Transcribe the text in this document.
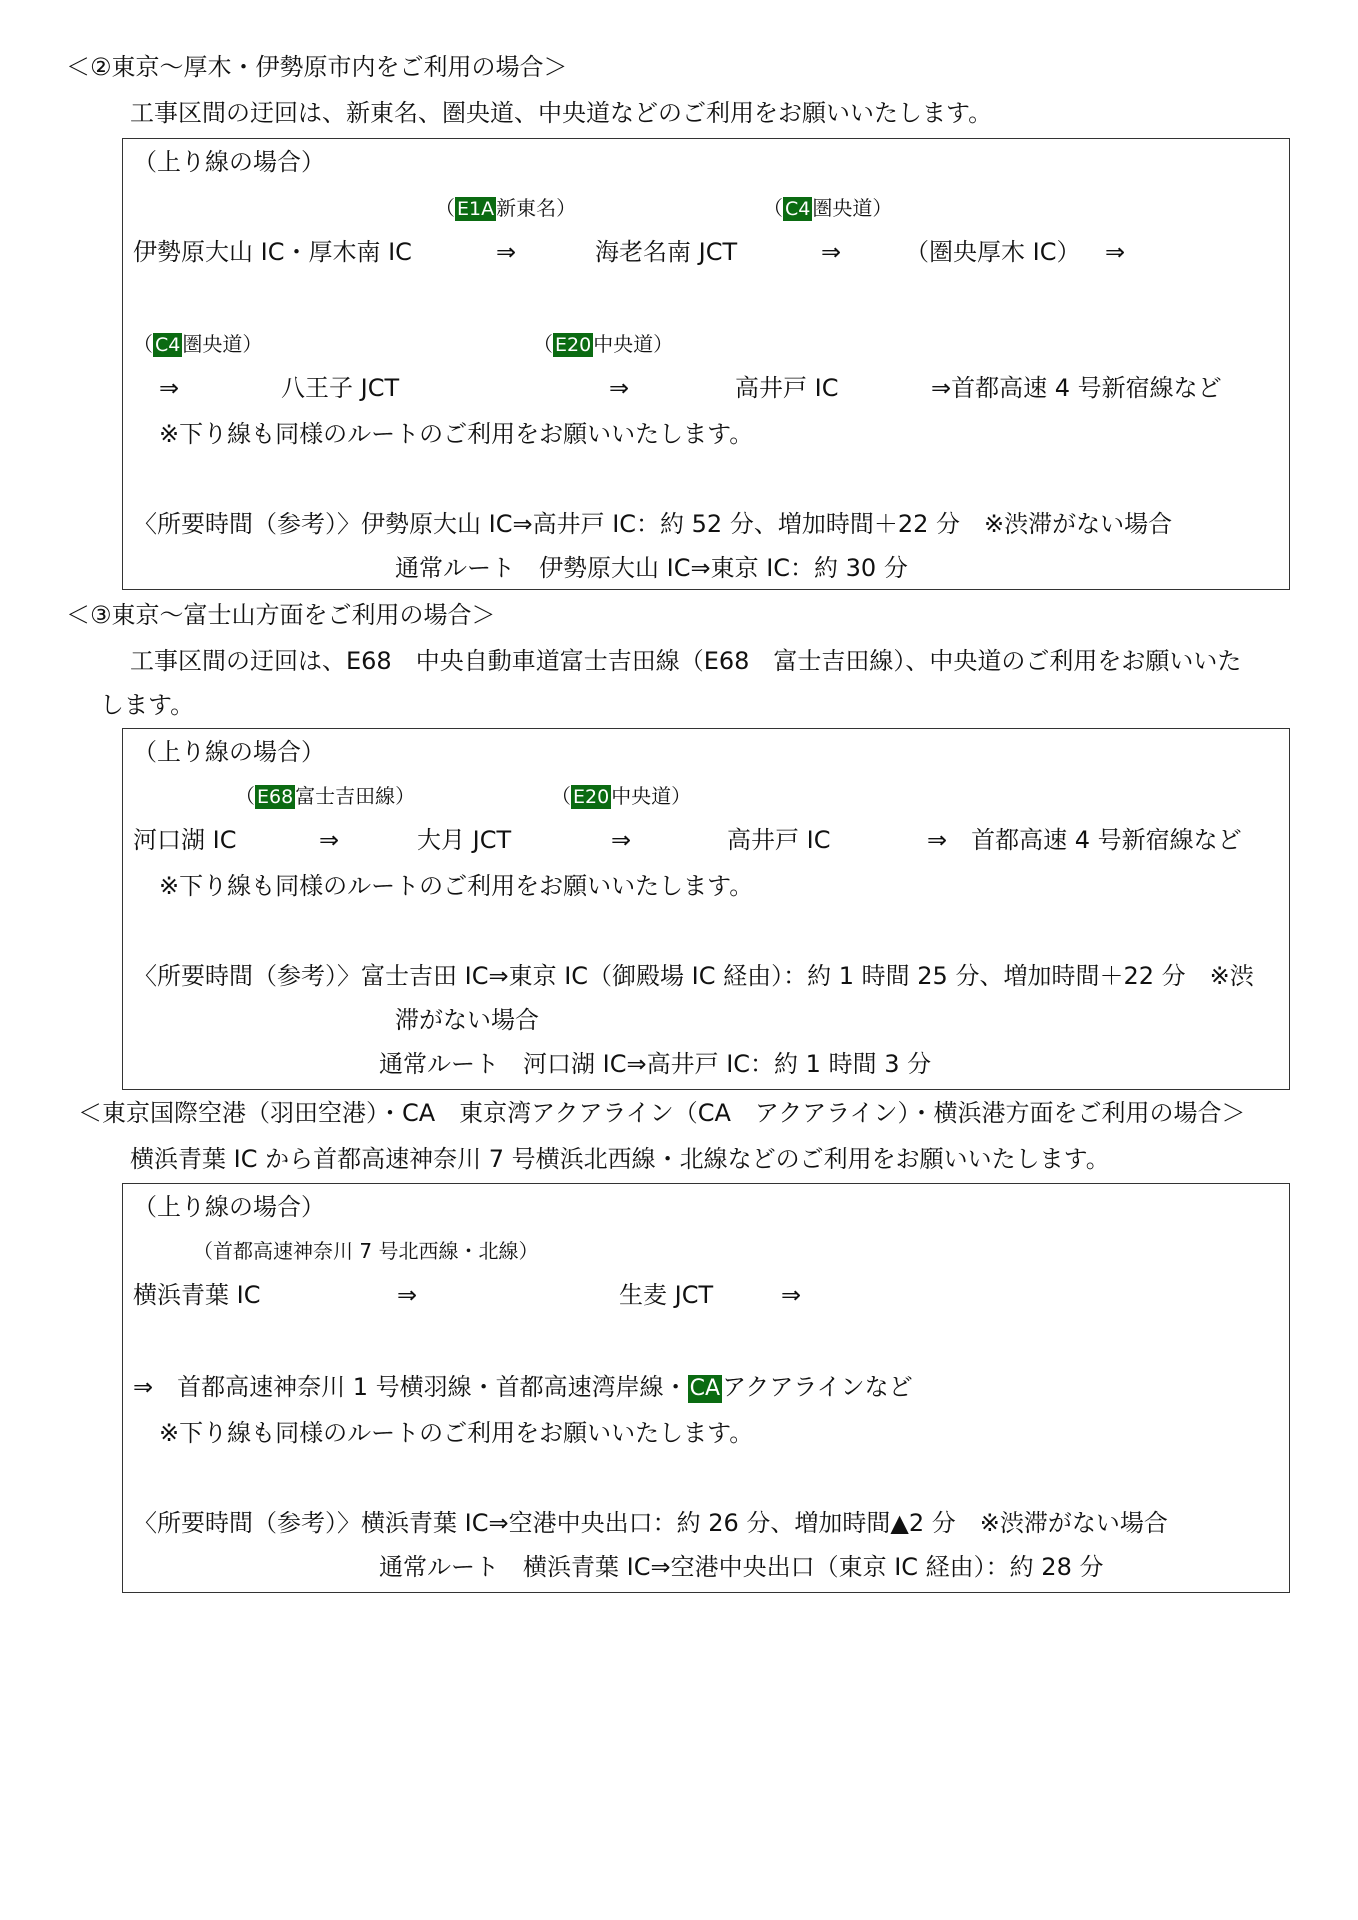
＜②東京～厚木・伊勢原市内をご利用の場合＞
工事区間の迂回は、新東名、圏央道、中央道などのご利用をお願いいたします。
（上り線の場合）
（ E1A 新東名）	（ C4 圏央道）
伊勢原大山 IC・厚木南 IC	⇒	海老名南 JCT	⇒	（圏央厚木 IC） ⇒
（ C4 圏央道）	（ E20 中央道）
⇒	八王子 JCT	⇒	高井戸 IC	⇒首都高速 4 号新宿線など
※下り線も同様のルートのご利用をお願いいたします。
〈所要時間（参考）〉伊勢原大山 IC⇒高井戸 IC：約 52 分、増加時間＋22 分　※渋滞がない場合
通常ルート　伊勢原大山 IC⇒東京 IC：約 30 分
＜③東京～富士山方面をご利用の場合＞
工事区間の迂回は、E68　中央自動車道富士吉田線（E68　富士吉田線）、中央道のご利用をお願いいた
します。
（上り線の場合）
（ E68 富士吉田線）	（ E20 中央道）
河口湖 IC	⇒	大月 JCT	⇒	高井戸 IC	⇒　首都高速 4 号新宿線など
※下り線も同様のルートのご利用をお願いいたします。
〈所要時間（参考）〉富士吉田 IC⇒東京 IC（御殿場 IC 経由）：約 1 時間 25 分、増加時間＋22 分　※渋
滞がない場合
通常ルート　河口湖 IC⇒高井戸 IC：約 1 時間 3 分
＜東京国際空港（羽田空港）・CA　東京湾アクアライン（CA　アクアライン）・横浜港方面をご利用の場合＞
横浜青葉 IC から首都高速神奈川 7 号横浜北西線・北線などのご利用をお願いいたします。
（上り線の場合）
（首都高速神奈川 7 号北西線・北線）
横浜青葉 IC	⇒	生麦 JCT	⇒
⇒　首都高速神奈川 1 号横羽線・首都高速湾岸線・CAアクアラインなど
※下り線も同様のルートのご利用をお願いいたします。
〈所要時間（参考）〉横浜青葉 IC⇒空港中央出口：約 26 分、増加時間▲2 分　※渋滞がない場合
通常ルート　横浜青葉 IC⇒空港中央出口（東京 IC 経由）：約 28 分
